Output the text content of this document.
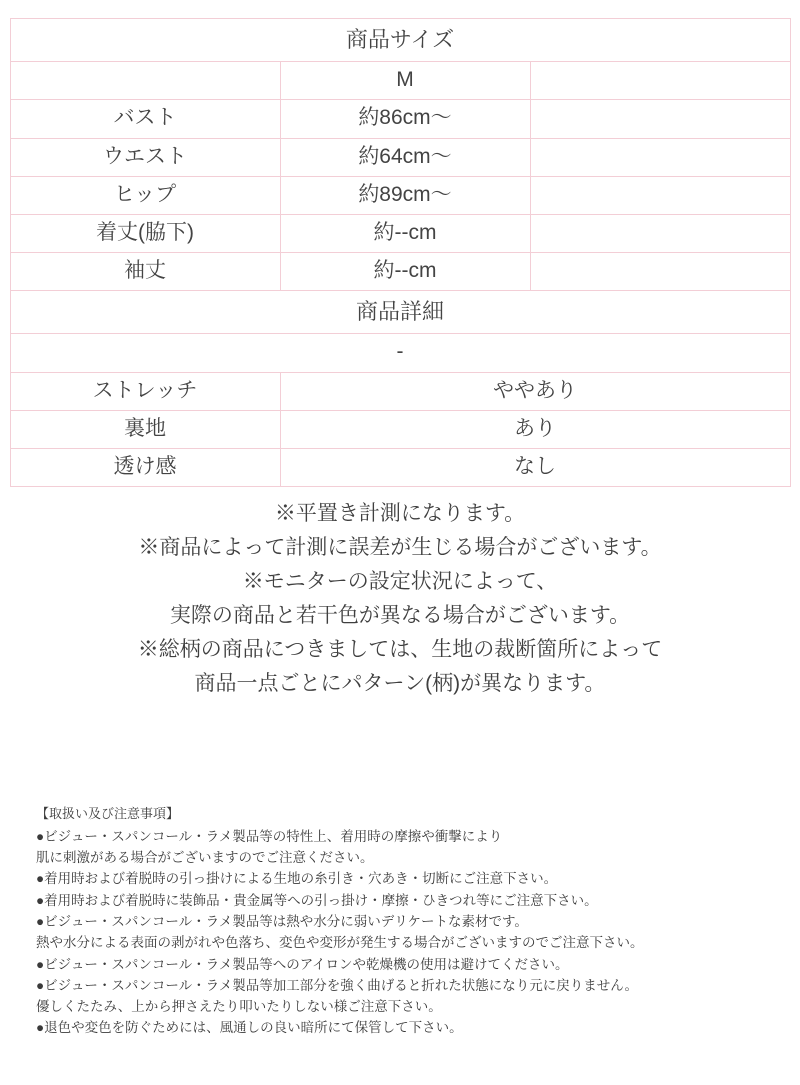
商品サイズ		
	M	
バスト	約86cm〜	
ウエスト	約64cm〜	
ヒップ	約89cm〜	
着丈(脇下)	約--cm	
袖丈	約--cm	
商品詳細		
-		
ストレッチ	ややあり	
裏地	あり	
透け感	なし	
※平置き計測になります。
※商品によって計測に誤差が生じる場合がございます。
※モニターの設定状況によって、
実際の商品と若干色が異なる場合がございます。
※総柄の商品につきましては、生地の裁断箇所によって
商品一点ごとにパターン(柄)が異なります。
【取扱い及び注意事項】
●ビジュー・スパンコール・ラメ製品等の特性上、着用時の摩擦や衝撃により
肌に刺激がある場合がございますのでご注意ください。
●着用時および着脱時の引っ掛けによる生地の糸引き・穴あき・切断にご注意下さい。
●着用時および着脱時に装飾品・貴金属等への引っ掛け・摩擦・ひきつれ等にご注意下さい。
●ビジュー・スパンコール・ラメ製品等は熱や水分に弱いデリケートな素材です。
熱や水分による表面の剥がれや色落ち、変色や変形が発生する場合がございますのでご注意下さい。
●ビジュー・スパンコール・ラメ製品等へのアイロンや乾燥機の使用は避けてください。
●ビジュー・スパンコール・ラメ製品等加工部分を強く曲げると折れた状態になり元に戻りません。
優しくたたみ、上から押さえたり叩いたりしない様ご注意下さい。
●退色や変色を防ぐためには、風通しの良い暗所にて保管して下さい。
